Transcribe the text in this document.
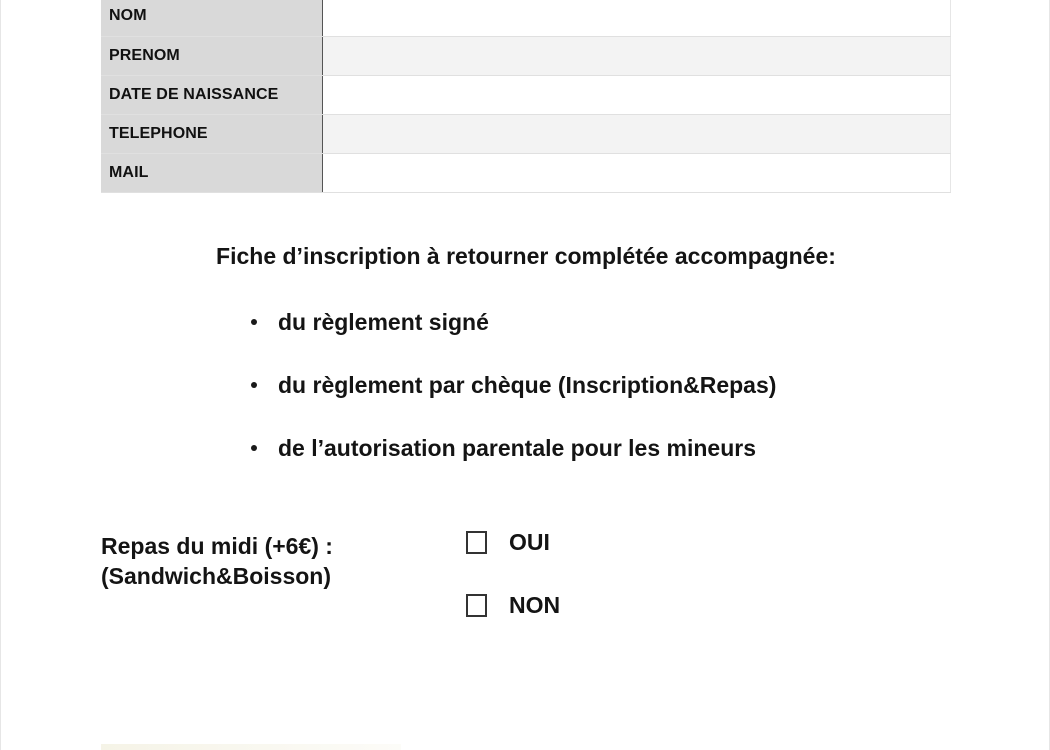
NOM	
PRENOM	
DATE DE NAISSANCE	
TELEPHONE	
MAIL	
Fiche d’inscription à retourner complétée accompagnée:
du règlement signé
du règlement par chèque (Inscription&Repas)
de l’autorisation parentale pour les mineurs
Repas du midi (+6€) :
(Sandwich&Boisson)
OUI
NON
